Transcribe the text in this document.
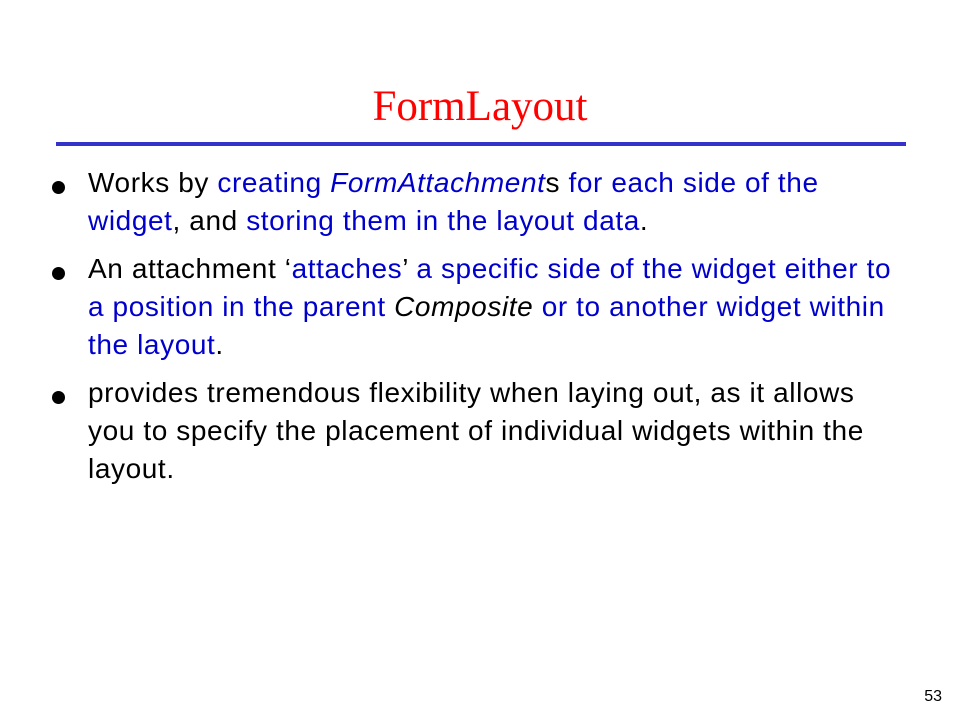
FormLayout

Works by creating FormAttachments for each side of the widget, and storing them in the layout data.

An attachment ‘attaches’ a specific side of the widget either to a position in the parent Composite or to another widget within the layout.

provides tremendous flexibility when laying out, as it allows you to specify the placement of individual widgets within the layout.

53
